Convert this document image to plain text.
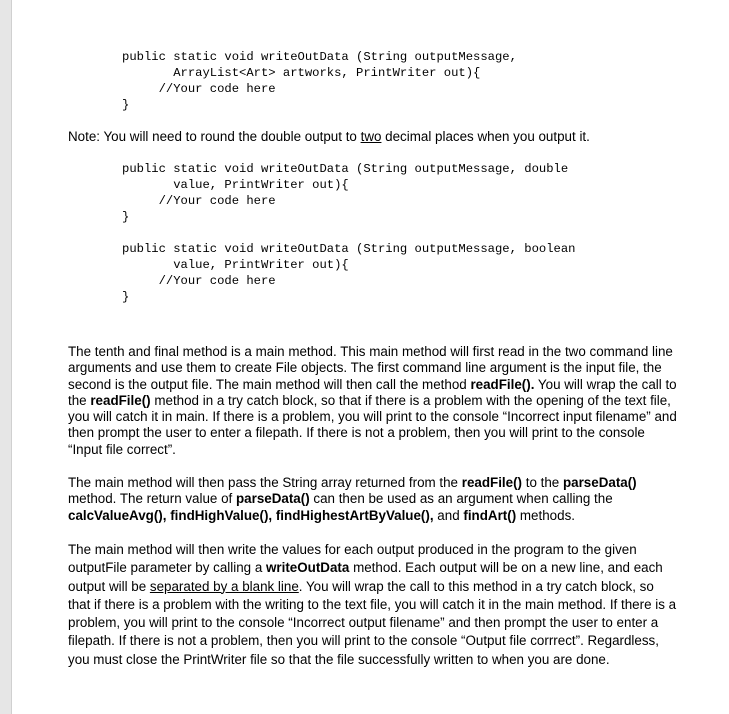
public static void writeOutData (String outputMessage,
ArrayList<Art> artworks, PrintWriter out){
//Your code here
}
Note: You will need to round the double output to two decimal places when you output it.
public static void writeOutData (String outputMessage, double
value, PrintWriter out){
//Your code here
}
public static void writeOutData (String outputMessage, boolean
value, PrintWriter out){
//Your code here
}

The tenth and final method is a main method. This main method will first read in the two command line arguments and use them to create File objects. The first command line argument is the input file, the second is the output file. The main method will then call the method readFile(). You will wrap the call to the readFile() method in a try catch block, so that if there is a problem with the opening of the text file, you will catch it in main. If there is a problem, you will print to the console “Incorrect input filename” and then prompt the user to enter a filepath. If there is not a problem, then you will print to the console “Input file correct”.

The main method will then pass the String array returned from the readFile() to the parseData() method. The return value of parseData() can then be used as an argument when calling the calcValueAvg(), findHighValue(), findHighestArtByValue(), and findArt() methods.

The main method will then write the values for each output produced in the program to the given outputFile parameter by calling a writeOutData method. Each output will be on a new line, and each output will be separated by a blank line. You will wrap the call to this method in a try catch block, so that if there is a problem with the writing to the text file, you will catch it in the main method. If there is a problem, you will print to the console “Incorrect output filename” and then prompt the user to enter a filepath. If there is not a problem, then you will print to the console “Output file corrrect”. Regardless, you must close the PrintWriter file so that the file successfully written to when you are done.
